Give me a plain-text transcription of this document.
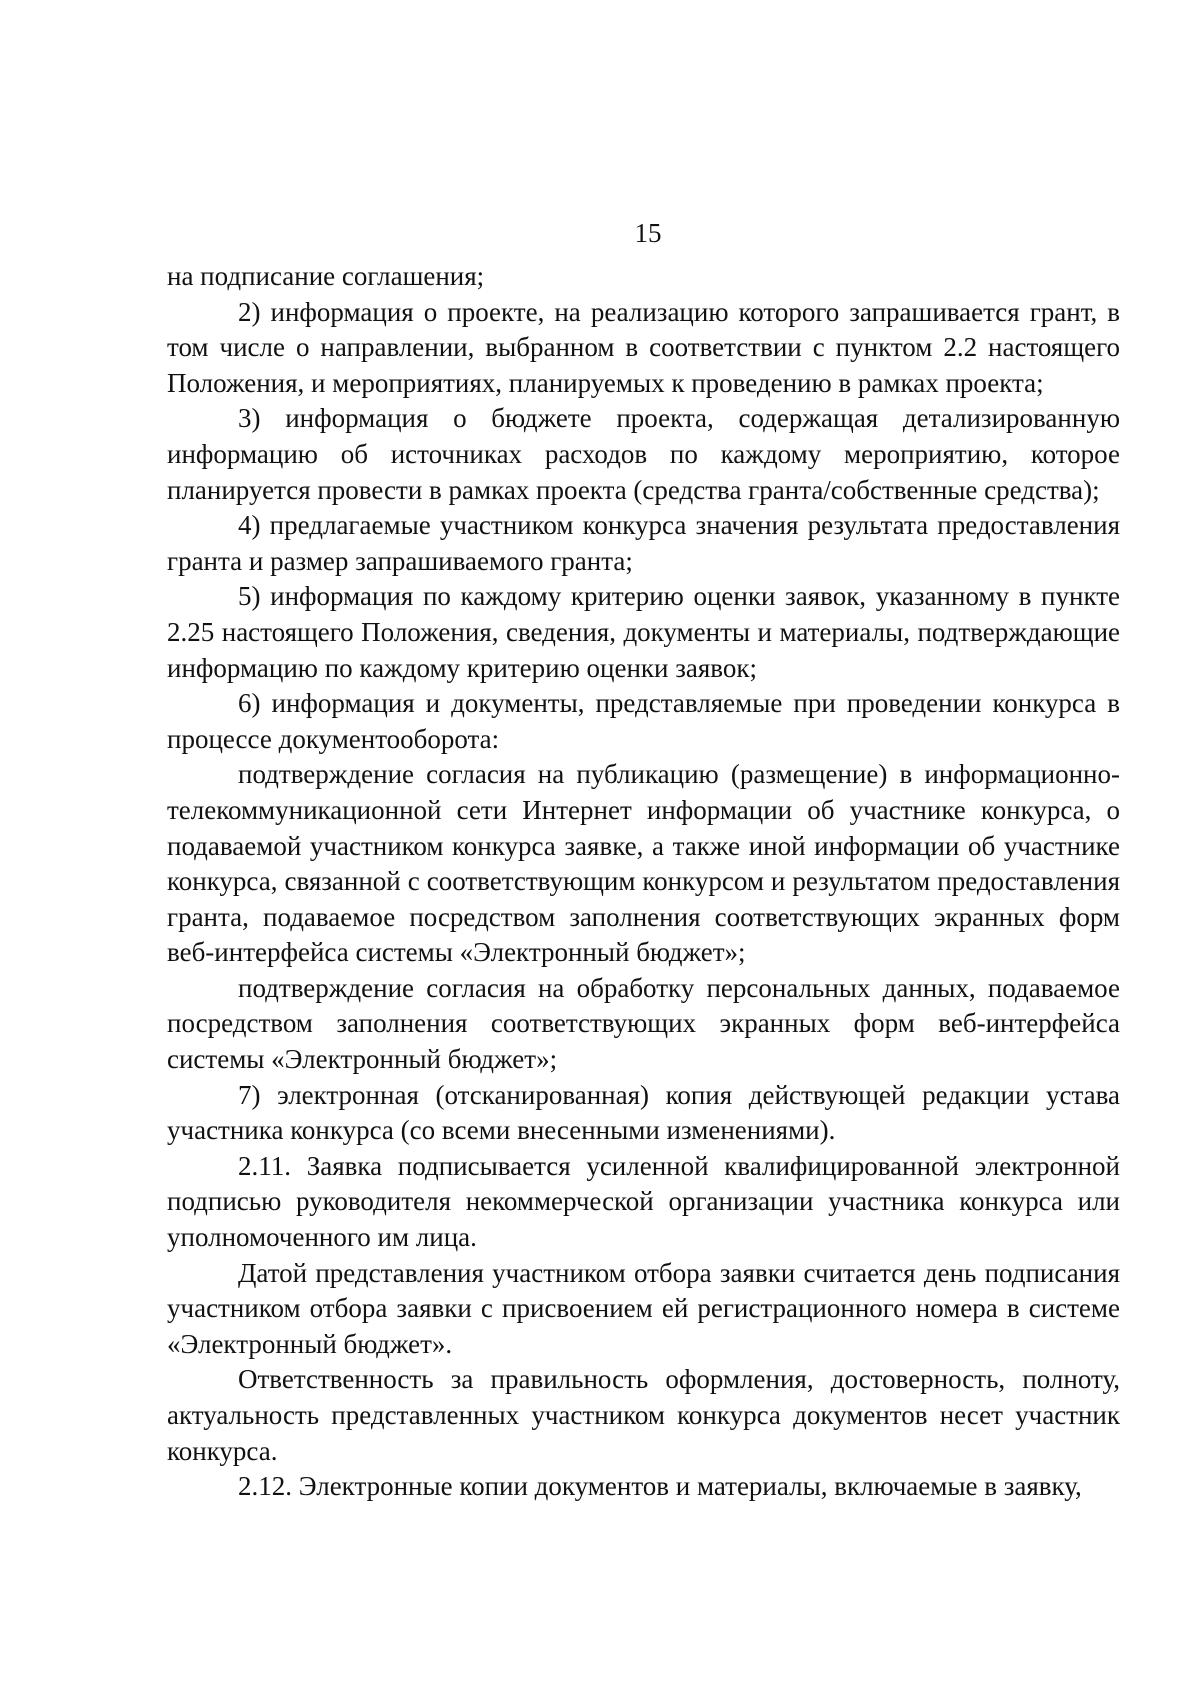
15

на подписание соглашения;

2) информация о проекте, на реализацию которого запрашивается грант, в том числе о направлении, выбранном в соответствии с пунктом 2.2 настоящего Положения, и мероприятиях, планируемых к проведению в рамках проекта;

3) информация о бюджете проекта, содержащая детализированную информацию об источниках расходов по каждому мероприятию, которое планируется провести в рамках проекта (средства гранта/собственные средства);

4) предлагаемые участником конкурса значения результата предоставления гранта и размер запрашиваемого гранта;

5) информация по каждому критерию оценки заявок, указанному в пункте 2.25 настоящего Положения, сведения, документы и материалы, подтверждающие информацию по каждому критерию оценки заявок;

6) информация и документы, представляемые при проведении конкурса в процессе документооборота:

подтверждение согласия на публикацию (размещение) в информационно-телекоммуникационной сети Интернет информации об участнике конкурса, о подаваемой участником конкурса заявке, а также иной информации об участнике конкурса, связанной с соответствующим конкурсом и результатом предоставления гранта, подаваемое посредством заполнения соответствующих экранных форм веб-интерфейса системы «Электронный бюджет»;

подтверждение согласия на обработку персональных данных, подаваемое посредством заполнения соответствующих экранных форм веб-интерфейса системы «Электронный бюджет»;

7) электронная (отсканированная) копия действующей редакции устава участника конкурса (со всеми внесенными изменениями).

2.11. Заявка подписывается усиленной квалифицированной электронной подписью руководителя некоммерческой организации участника конкурса или уполномоченного им лица.

Датой представления участником отбора заявки считается день подписания участником отбора заявки с присвоением ей регистрационного номера в системе «Электронный бюджет».

Ответственность за правильность оформления, достоверность, полноту, актуальность представленных участником конкурса документов несет участник конкурса.

2.12. Электронные копии документов и материалы, включаемые в заявку,
